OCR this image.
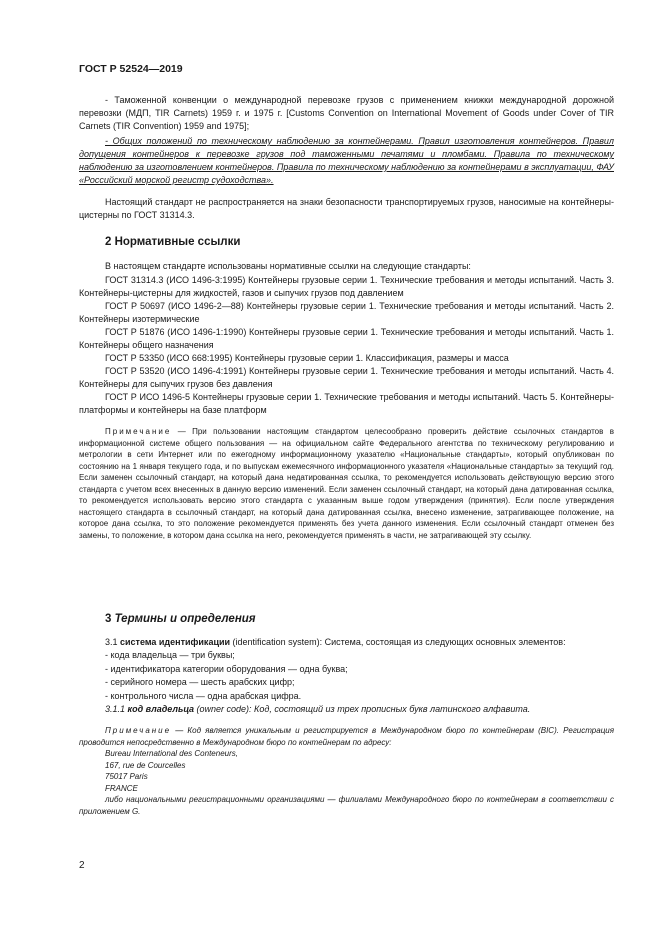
ГОСТ Р 52524—2019

- Таможенной конвенции о международной перевозке грузов с применением книжки международной дорожной перевозки (МДП, TIR Carnets) 1959 г. и 1975 г. [Customs Convention on International Movement of Goods under Cover of TIR Carnets (TIR Convention) 1959 and 1975];

- Общих положений по техническому наблюдению за контейнерами. Правил изготовления контейнеров. Правил допущения контейнеров к перевозке грузов под таможенными печатями и пломбами. Правила по техническому наблюдению за изготовлением контейнеров. Правила по техническому наблюдению за контейнерами в эксплуатации, ФАУ «Российский морской регистр судоходства».

Настоящий стандарт не распространяется на знаки безопасности транспортируемых грузов, наносимые на контейнеры-цистерны по ГОСТ 31314.3.

2 Нормативные ссылки

В настоящем стандарте использованы нормативные ссылки на следующие стандарты:

ГОСТ 31314.3 (ИСО 1496-3:1995) Контейнеры грузовые серии 1. Технические требования и методы испытаний. Часть 3. Контейнеры-цистерны для жидкостей, газов и сыпучих грузов под давлением

ГОСТ Р 50697 (ИСО 1496-2—88) Контейнеры грузовые серии 1. Технические требования и методы испытаний. Часть 2. Контейнеры изотермические

ГОСТ Р 51876 (ИСО 1496-1:1990) Контейнеры грузовые серии 1. Технические требования и методы испытаний. Часть 1. Контейнеры общего назначения

ГОСТ Р 53350 (ИСО 668:1995) Контейнеры грузовые серии 1. Классификация, размеры и масса

ГОСТ Р 53520 (ИСО 1496-4:1991) Контейнеры грузовые серии 1. Технические требования и методы испытаний. Часть 4. Контейнеры для сыпучих грузов без давления

ГОСТ Р ИСО 1496-5 Контейнеры грузовые серии 1. Технические требования и методы испытаний. Часть 5. Контейнеры-платформы и контейнеры на базе платформ

Примечание — При пользовании настоящим стандартом целесообразно проверить действие ссылочных стандартов в информационной системе общего пользования — на официальном сайте Федерального агентства по техническому регулированию и метрологии в сети Интернет или по ежегодному информационному указателю «Национальные стандарты», который опубликован по состоянию на 1 января текущего года, и по выпускам ежемесячного информационного указателя «Национальные стандарты» за текущий год. Если заменен ссылочный стандарт, на который дана недатированная ссылка, то рекомендуется использовать действующую версию этого стандарта с учетом всех внесенных в данную версию изменений. Если заменен ссылочный стандарт, на который дана датированная ссылка, то рекомендуется использовать версию этого стандарта с указанным выше годом утверждения (принятия). Если после утверждения настоящего стандарта в ссылочный стандарт, на который дана датированная ссылка, внесено изменение, затрагивающее положение, на которое дана ссылка, то это положение рекомендуется применять без учета данного изменения. Если ссылочный стандарт отменен без замены, то положение, в котором дана ссылка на него, рекомендуется применять в части, не затрагивающей эту ссылку.

3 Термины и определения

3.1 система идентификации (identification system): Система, состоящая из следующих основных элементов:

- кода владельца — три буквы;

- идентификатора категории оборудования — одна буква;

- серийного номера — шесть арабских цифр;

- контрольного числа — одна арабская цифра.

3.1.1 код владельца (owner code): Код, состоящий из трех прописных букв латинского алфавита.

Примечание — Код является уникальным и регистрируется в Международном бюро по контейнерам (BIC). Регистрация проводится непосредственно в Международном бюро по контейнерам по адресу:

Bureau International des Conteneurs,

167, rue de Courcelles

75017 Paris

FRANCE

либо национальными регистрационными организациями — филиалами Международного бюро по контейнерам в соответствии с приложением G.

2
